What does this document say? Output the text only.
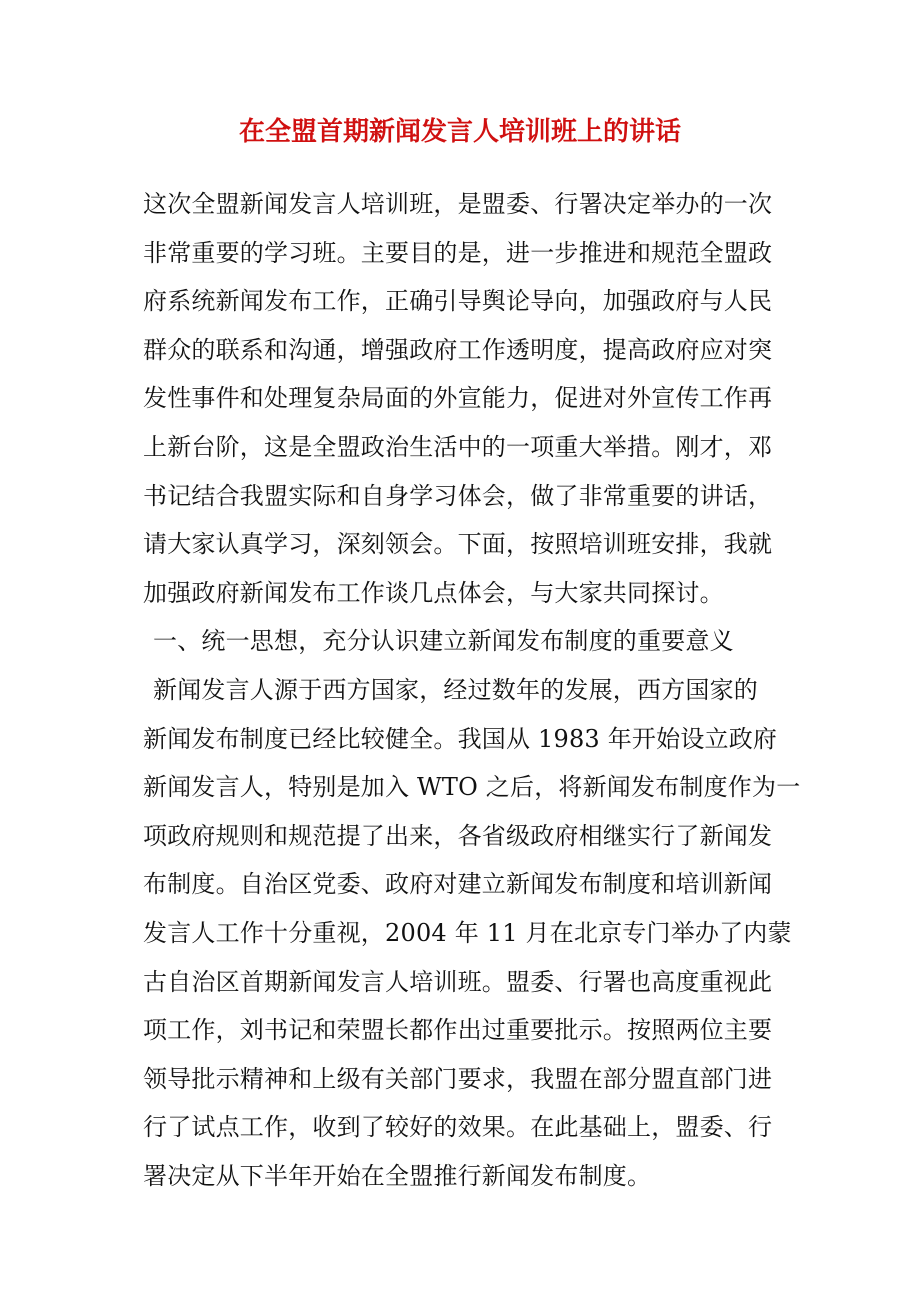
在全盟首期新闻发言人培训班上的讲话
这次全盟新闻发言人培训班，是盟委、行署决定举办的一次
非常重要的学习班。主要目的是，进一步推进和规范全盟政
府系统新闻发布工作，正确引导舆论导向，加强政府与人民
群众的联系和沟通，增强政府工作透明度，提高政府应对突
发性事件和处理复杂局面的外宣能力，促进对外宣传工作再
上新台阶，这是全盟政治生活中的一项重大举措。刚才，邓
书记结合我盟实际和自身学习体会，做了非常重要的讲话，
请大家认真学习，深刻领会。下面，按照培训班安排，我就
加强政府新闻发布工作谈几点体会，与大家共同探讨。
一、统一思想，充分认识建立新闻发布制度的重要意义
新闻发言人源于西方国家，经过数年的发展，西方国家的
新闻发布制度已经比较健全。我国从 1983 年开始设立政府
新闻发言人，特别是加入 WTO 之后，将新闻发布制度作为一
项政府规则和规范提了出来，各省级政府相继实行了新闻发
布制度。自治区党委、政府对建立新闻发布制度和培训新闻
发言人工作十分重视，2004 年 11 月在北京专门举办了内蒙
古自治区首期新闻发言人培训班。盟委、行署也高度重视此
项工作，刘书记和荣盟长都作出过重要批示。按照两位主要
领导批示精神和上级有关部门要求，我盟在部分盟直部门进
行了试点工作，收到了较好的效果。在此基础上，盟委、行
署决定从下半年开始在全盟推行新闻发布制度。
